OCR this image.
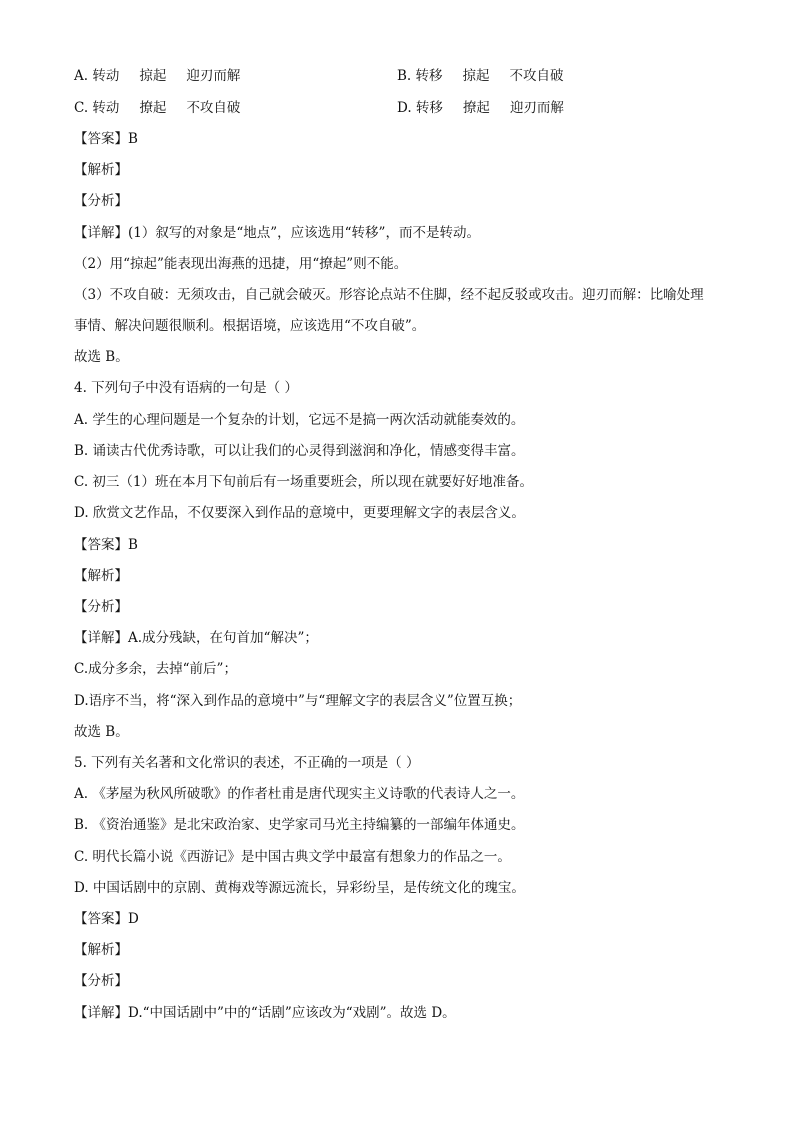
A. 转动 掠起 迎刃而解	B. 转移 掠起 不攻自破
C. 转动 撩起 不攻自破	D. 转移 撩起 迎刃而解
【答案】B
【解析】
【分析】
【详解】(1）叙写的对象是“地点”，应该选用“转移”，而不是转动。
（2）用“掠起”能表现出海燕的迅捷，用“撩起”则不能。
（3）不攻自破：无须攻击，自己就会破灭。形容论点站不住脚，经不起反驳或攻击。迎刃而解：比喻处理
事情、解决问题很顺利。根据语境，应该选用“不攻自破”。
故选 B。
4. 下列句子中没有语病的一句是（ ）
A. 学生的心理问题是一个复杂的计划，它远不是搞一两次活动就能奏效的。
B. 诵读古代优秀诗歌，可以让我们的心灵得到滋润和净化，情感变得丰富。
C. 初三（1）班在本月下旬前后有一场重要班会，所以现在就要好好地准备。
D. 欣赏文艺作品，不仅要深入到作品的意境中，更要理解文字的表层含义。
【答案】B
【解析】
【分析】
【详解】A.成分残缺，在句首加“解决”；
C.成分多余，去掉“前后”；
D.语序不当，将“深入到作品的意境中”与“理解文字的表层含义”位置互换；
故选 B。
5. 下列有关名著和文化常识的表述，不正确的一项是（ ）
A. 《茅屋为秋风所破歌》的作者杜甫是唐代现实主义诗歌的代表诗人之一。
B. 《资治通鉴》是北宋政治家、史学家司马光主持编纂的一部编年体通史。
C. 明代长篇小说《西游记》是中国古典文学中最富有想象力的作品之一。
D. 中国话剧中的京剧、黄梅戏等源远流长，异彩纷呈，是传统文化的瑰宝。
【答案】D
【解析】
【分析】
【详解】D.“中国话剧中”中的“话剧”应该改为“戏剧”。故选 D。
